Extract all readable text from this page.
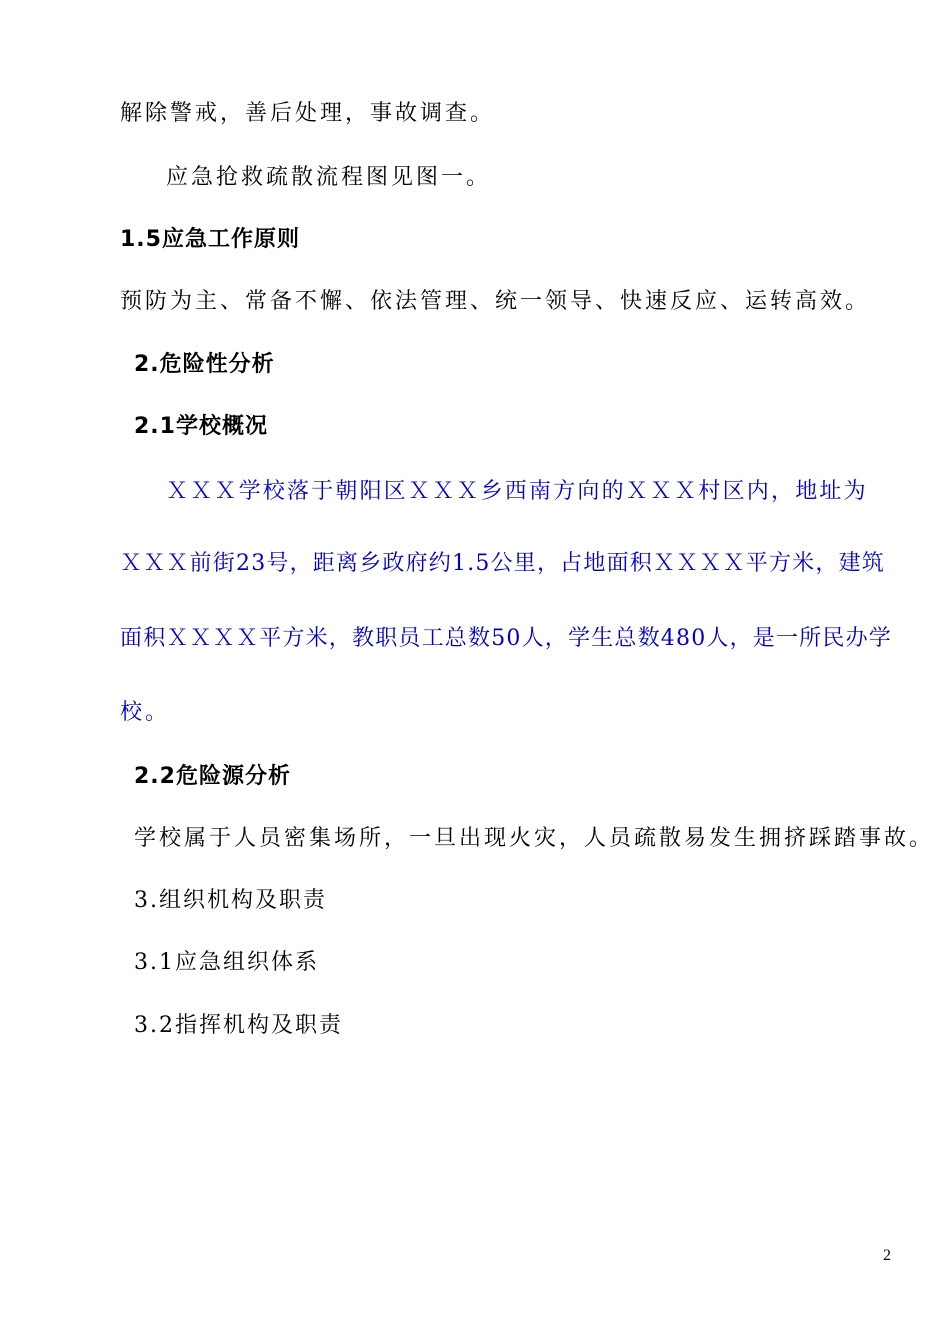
解除警戒，善后处理，事故调查。
应急抢救疏散流程图见图一。
1.5应急工作原则
预防为主、常备不懈、依法管理、统一领导、快速反应、运转高效。
2.危险性分析
2.1学校概况
ＸＸＸ学校落于朝阳区ＸＸＸ乡西南方向的ＸＸＸ村区内，地址为
ＸＸＸ前街23号，距离乡政府约1.5公里，占地面积ＸＸＸＸ平方米，建筑
面积ＸＸＸＸ平方米，教职员工总数50人，学生总数480人，是一所民办学
校。
2.2危险源分析
学校属于人员密集场所，一旦出现火灾，人员疏散易发生拥挤踩踏事故。
3.组织机构及职责
3.1应急组织体系
3.2指挥机构及职责
2
